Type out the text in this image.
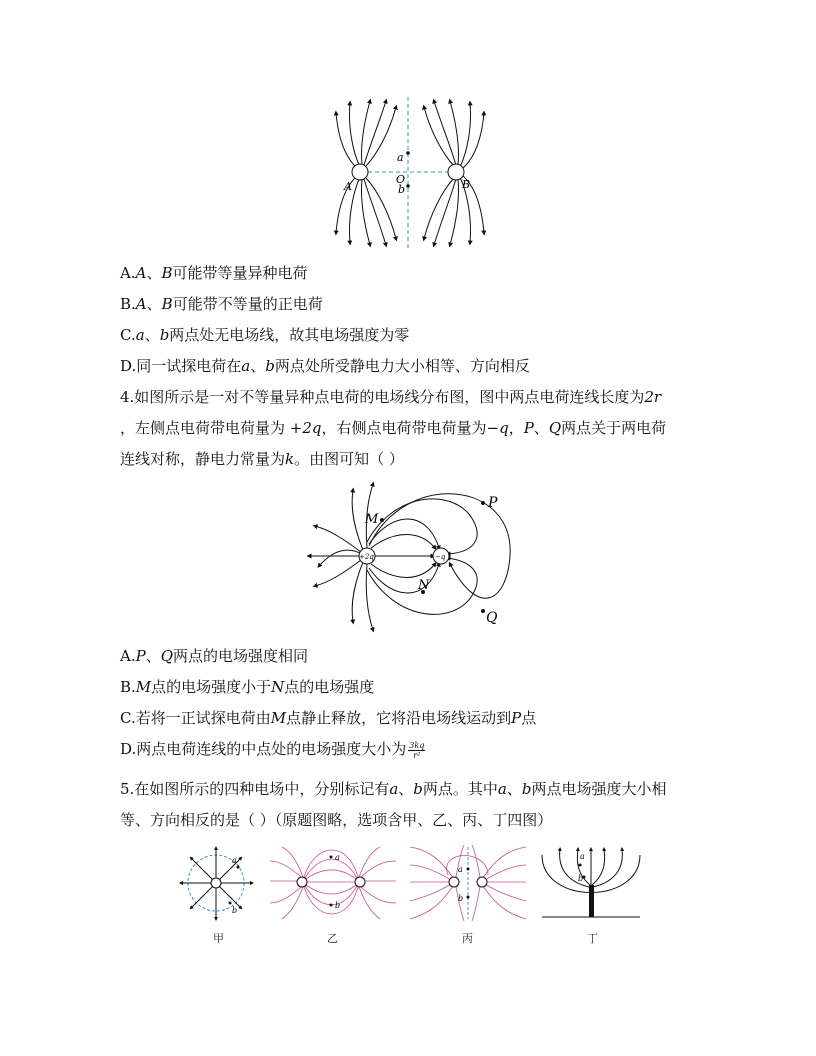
a
O
b
A	B
A.A、B可能带等量异种电荷
B.A、B可能带不等量的正电荷
C.a、b两点处无电场线，故其电场强度为零
D.同一试探电荷在a、b两点处所受静电力大小相等、方向相反
4.如图所示是一对不等量异种点电荷的电场线分布图，图中两点电荷连线长度为2r
，左侧点电荷带电荷量为 +2q，右侧点电荷带电荷量为−q，P、Q两点关于两电荷
连线对称，静电力常量为k。由图可知（ ）
+2q	−q
M
N
P
Q
A.P、Q两点的电场强度相同
B.M点的电场强度小于N点的电场强度
C.若将一正试探电荷由M点静止释放，它将沿电场线运动到P点
D.两点电荷连线的中点处的电场强度大小为 $\frac{3kq}{\text{r²}}$
5.在如图所示的四种电场中，分别标记有a、b两点。其中a、b两点电场强度大小相
等、方向相反的是（ ）（原题图略，选项含甲、乙、丙、丁四图）
a
b
a
b
a
b
a
b
甲	乙	丙	丁
